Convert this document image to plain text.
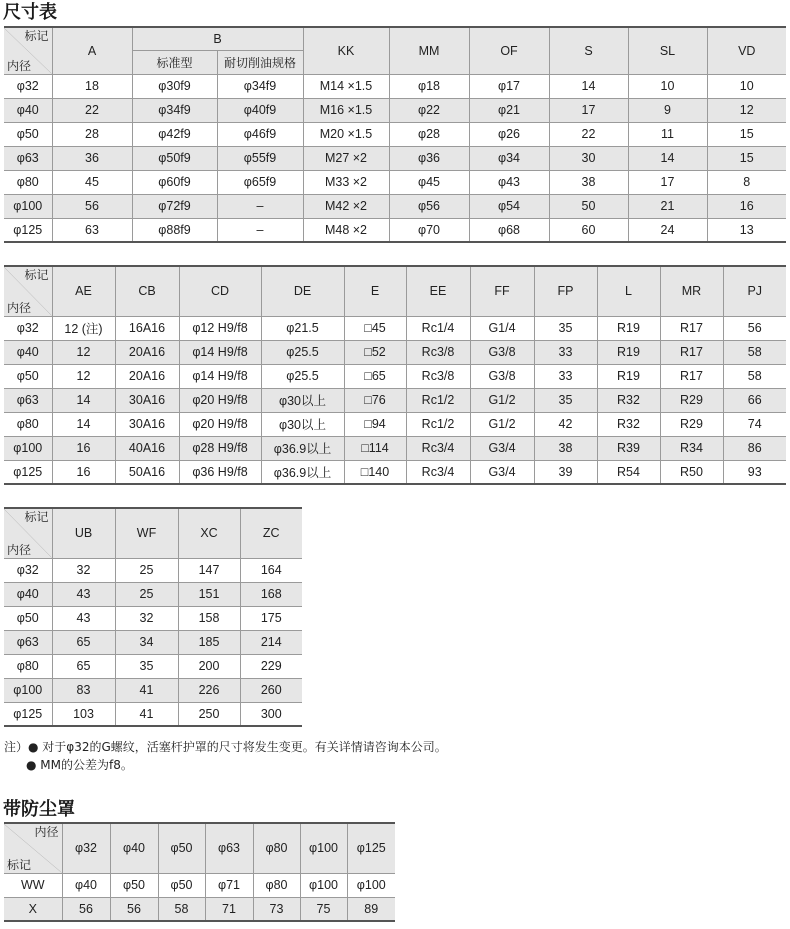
尺寸表
标记
内径	A	B		KK	MM	OF	S	SL	VD
		标准型	耐切削油规格						
φ32	18	φ30f9	φ34f9	M14 ×1.5	φ18	φ17	14	10	10
φ40	22	φ34f9	φ40f9	M16 ×1.5	φ22	φ21	17	9	12
φ50	28	φ42f9	φ46f9	M20 ×1.5	φ28	φ26	22	11	15
φ63	36	φ50f9	φ55f9	M27 ×2	φ36	φ34	30	14	15
φ80	45	φ60f9	φ65f9	M33 ×2	φ45	φ43	38	17	8
φ100	56	φ72f9	–	M42 ×2	φ56	φ54	50	21	16
φ125	63	φ88f9	–	M48 ×2	φ70	φ68	60	24	13
标记
内径	AE	CB	CD	DE	E	EE	FF	FP	L	MR	PJ
φ32	12 (注)	16A16	φ12 H9/f8	φ21.5	□45	Rc1/4	G1/4	35	R19	R17	56
φ40	12	20A16	φ14 H9/f8	φ25.5	□52	Rc3/8	G3/8	33	R19	R17	58
φ50	12	20A16	φ14 H9/f8	φ25.5	□65	Rc3/8	G3/8	33	R19	R17	58
φ63	14	30A16	φ20 H9/f8	φ30以上	□76	Rc1/2	G1/2	35	R32	R29	66
φ80	14	30A16	φ20 H9/f8	φ30以上	□94	Rc1/2	G1/2	42	R32	R29	74
φ100	16	40A16	φ28 H9/f8	φ36.9以上	□114	Rc3/4	G3/4	38	R39	R34	86
φ125	16	50A16	φ36 H9/f8	φ36.9以上	□140	Rc3/4	G3/4	39	R54	R50	93
标记
内径	UB	WF	XC	ZC
φ32	32	25	147	164
φ40	43	25	151	168
φ50	43	32	158	175
φ63	65	34	185	214
φ80	65	35	200	229
φ100	83	41	226	260
φ125	103	41	250	300
注）● 对于φ32的G螺纹，活塞杆护罩的尺寸将发生变更。有关详情请咨询本公司。
● MM的公差为f8。
带防尘罩
内径
标记	φ32	φ40	φ50	φ63	φ80	φ100	φ125
WW	φ40	φ50	φ50	φ71	φ80	φ100	φ100
X	56	56	58	71	73	75	89
